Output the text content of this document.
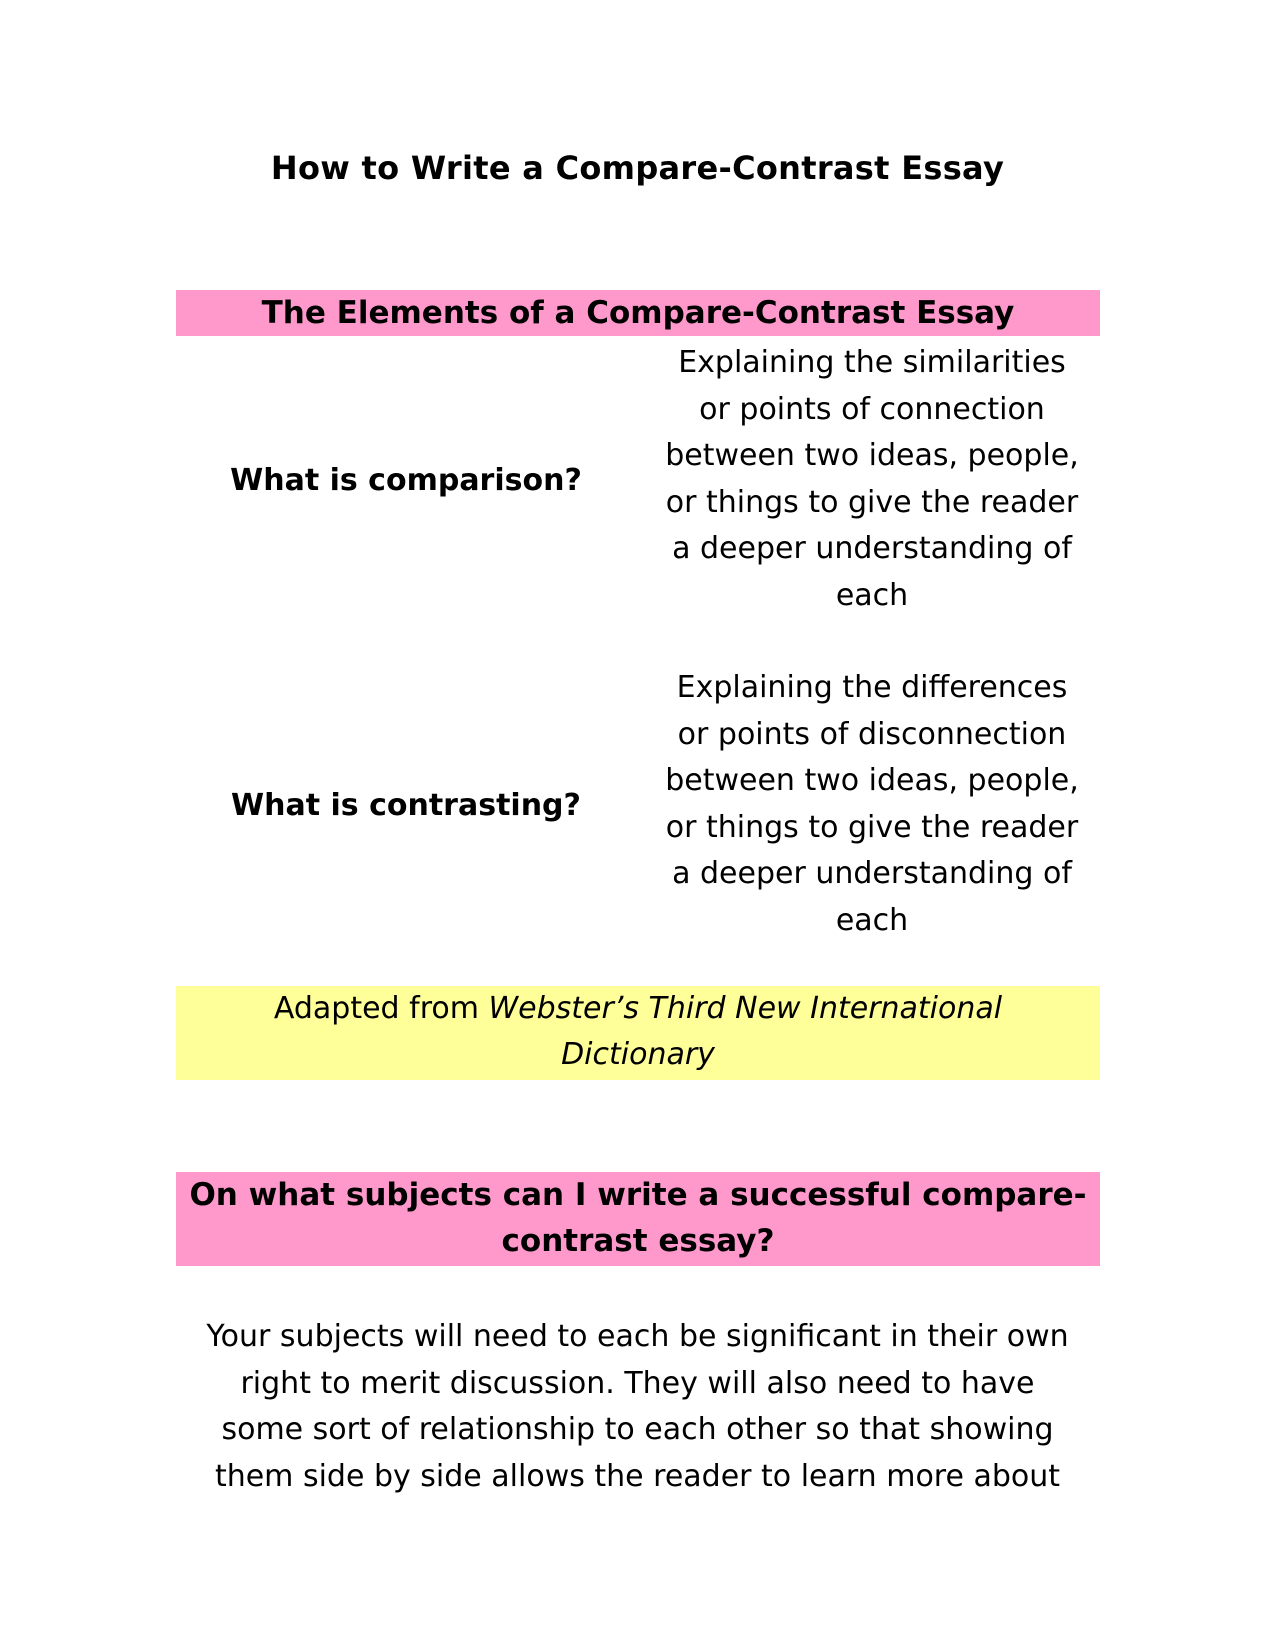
How to Write a Compare-Contrast Essay
The Elements of a Compare-Contrast Essay
What is comparison?
Explaining the similarities
or points of connection
between two ideas, people,
or things to give the reader
a deeper understanding of
each
What is contrasting?
Explaining the differences
or points of disconnection
between two ideas, people,
or things to give the reader
a deeper understanding of
each
Adapted from Webster’s Third New International
Dictionary
On what subjects can I write a successful compare-
contrast essay?
Your subjects will need to each be significant in their own
right to merit discussion. They will also need to have
some sort of relationship to each other so that showing
them side by side allows the reader to learn more about
